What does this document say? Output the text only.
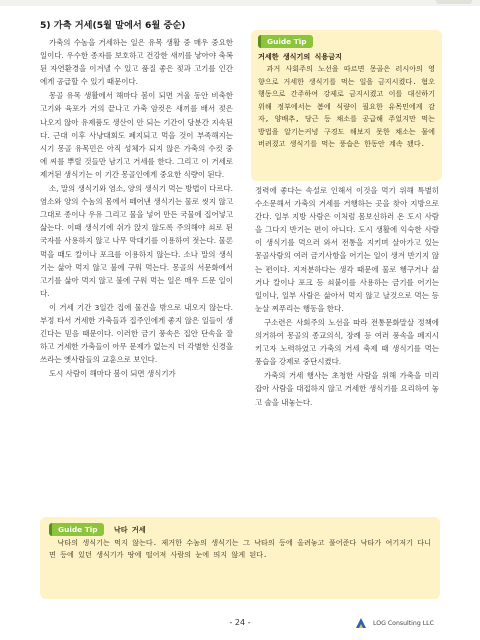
5) 가축 거세(5월 말에서 6월 중순)

가축의 수놈을 거세하는 일은 유목 생활 중 매우 중요한 일이다. 우수한 종자를 보호하고 건강한 새끼를 낳아야 축복된 자연환경을 이겨낼 수 있고 품질 좋은 젖과 고기를 인간에게 공급할 수 있기 때문이다.

몽골 유목 생활에서 해마다 봄이 되면 겨울 동안 비축한 고기와 육포가 거의 끝나고 가축 암컷은 새끼를 배서 젖은 나오지 않아 유제품도 생산이 안 되는 기간이 당분간 지속된다. 근대 이후 사냥대회도 폐지되고 먹을 것이 부족해지는 시기 몽골 유목민은 아직 성체가 되지 않은 가축의 수컷 중에 씨를 뿌릴 것들만 남기고 거세를 한다. 그리고 이 거세로 제거된 생식기는 이 기간 몽골인에게 중요한 식량이 된다.

소, 말의 생식기와 염소, 양의 생식기 먹는 방법이 다르다. 염소와 양의 수놈의 몸에서 떼어낸 생식기는 물로 씻지 않고 그대로 종이나 우유 그리고 물을 넣어 만든 국물에 집어넣고 삶는다. 이때 생식기에 쉬가 앉지 않도록 주의해야 쇠로 된 국자를 사용하지 않고 나무 막대기를 이용하여 젓는다. 물론 먹을 때도 칼이나 포크를 이용하지 않는다. 소나 말의 생식기는 삶아 먹지 않고 불에 구워 먹는다. 몽골의 서문화에서 고기를 삶아 먹지 않고 불에 구워 먹는 일은 매우 드문 일이다.

이 거세 기간 3일간 집에 물건을 밖으로 내오지 않는다. 부정 타서 거세한 가축들과 집주인에게 좋지 않은 일들이 생긴다는 믿음 때문이다. 이러한 금기 풍속은 집안 단속을 잘하고 거세한 가축들이 아무 문제가 없는지 더 각별한 신경을 쓰라는 옛사람들의 교훈으로 보인다.

도시 사람이 해마다 봄이 되면 생식기가

Guide Tip
거세한 생식기의 식용금지
과거 사회주의 노선을 따르면 몽골은 러시아의 영향으로 거세한 생식기를 먹는 일을 금지시켰다. 혐오 행동으로 간주하여 강제로 금지시켰고 이를 대신하기 위해 정부에서는 봄에 식량이 필요한 유목민에게 감자, 양배추, 당근 등 채소를 공급해 주었지만 먹는 방법을 알기는커녕 구경도 해보지 못한 채소는 물에 버려졌고 생식기를 먹는 풍습은 한동안 계속 됐다.

정력에 좋다는 속설로 인해서 이것을 먹기 위해 특별히 수소문해서 가축의 거세를 거행하는 곳을 찾아 지방으로 간다. 일부 지방 사람은 이처럼 몸보신하러 온 도시 사람을 그다지 반기는 편이 아니다. 도시 생활에 익숙한 사람이 생식기를 먹으러 와서 전통을 지키며 살아가고 있는 몽골사람의 여러 금기사항을 어기는 일이 생겨 반기지 않는 편이다. 지저분하다는 생각 때문에 물로 헹구거나 삶거나 칼이나 포크 등 쇠붙이를 사용하는 금기를 어기는 일이나, 일부 사람은 삶아서 먹지 않고 날것으로 먹는 등 눈살 찌푸리는 행동을 한다.

구소련은 사회주의 노선을 따라 전통문화말살 정책에 의거하여 몽골의 종교의식, 장례 등 여러 풍속을 폐지시키고자 노력하였고 가축의 거세 축제 때 생식기를 먹는 풍습을 강제로 중단시켰다.

가축의 거세 행사는 초청한 사람을 위해 가축을 미리 잡아 사람을 대접하지 않고 거세한 생식기를 요리하여 놓고 술을 내놓는다.

Guide Tip 낙타 거세
낙타의 생식기는 먹지 않는다. 제거한 수놈의 생식기는 그 낙타의 등에 올려놓고 풀어준다 낙타가 여기저기 다니면 등에 있던 생식기가 땅에 떨어져 사람의 눈에 띄지 않게 된다.
- 24 -	LOG Consulting LLC
